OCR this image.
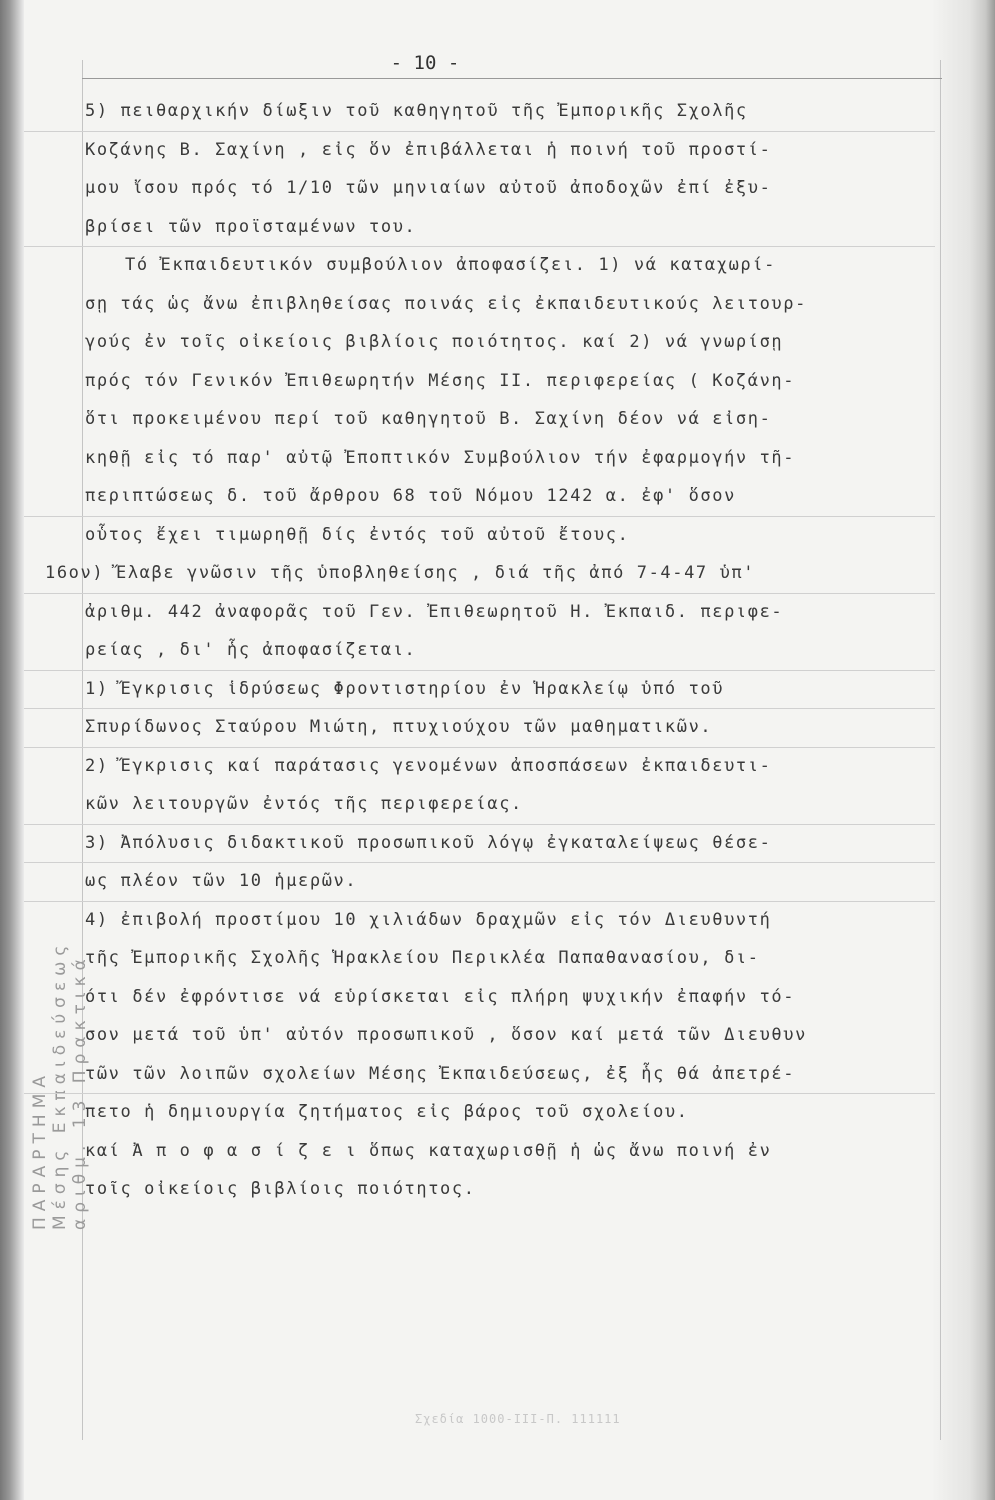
ΠΑΡΑΡΤΗΜΑ Μέσης Εκπαιδεύσεως αριθμ. 13 Πρακτικά
- 10 -
5) πειθαρχικήν δίωξιν τοῦ καθηγητοῦ τῆς Ἐμπορικῆς Σχολῆς
Κοζάνης Β. Σαχίνη , εἰς ὅν ἐπιβάλλεται ἡ ποινή τοῦ προστί-
μου ἴσου πρός τό 1/10 τῶν μηνιαίων αὐτοῦ ἀποδοχῶν ἐπί ἐξυ-
βρίσει τῶν προϊσταμένων του.
Τό Ἐκπαιδευτικόν συμβούλιον ἀποφασίζει. 1) νά καταχωρί-
σῃ τάς ὡς ἄνω ἐπιβληθείσας ποινάς εἰς ἐκπαιδευτικούς λειτουρ-
γούς ἐν τοῖς οἰκείοις βιβλίοις ποιότητος. καί 2) νά γνωρίσῃ
πρός τόν Γενικόν Ἐπιθεωρητήν Μέσης ΙΙ. περιφερείας ( Κοζάνη-
ὅτι προκειμένου περί τοῦ καθηγητοῦ Β. Σαχίνη δέον νά εἰση-
κηθῇ εἰς τό παρ' αὐτῷ Ἐποπτικόν Συμβούλιον τήν ἐφαρμογήν τῆ-
περιπτώσεως δ. τοῦ ἄρθρου 68 τοῦ Νόμου 1242 α. ἐφ' ὅσον
οὗτος ἔχει τιμωρηθῇ δίς ἐντός τοῦ αὐτοῦ ἔτους.
16ον) Ἔλαβε γνῶσιν τῆς ὑποβληθείσης , διά τῆς ἀπό 7-4-47 ὑπ'
ἀριθμ. 442 ἀναφορᾶς τοῦ Γεν. Ἐπιθεωρητοῦ Η. Ἐκπαιδ. περιφε-
ρείας , δι' ἧς ἀποφασίζεται.
1) Ἔγκρισις ἱδρύσεως Φροντιστηρίου ἐν Ἡρακλείῳ ὑπό τοῦ
Σπυρίδωνος Σταύρου Μιώτη, πτυχιούχου τῶν μαθηματικῶν.
2) Ἔγκρισις καί παράτασις γενομένων ἀποσπάσεων ἐκπαιδευτι-
κῶν λειτουργῶν ἐντός τῆς περιφερείας.
3) Ἀπόλυσις διδακτικοῦ προσωπικοῦ λόγῳ ἐγκαταλείψεως θέσε-
ως πλέον τῶν 10 ἡμερῶν.
4) ἐπιβολή προστίμου 10 χιλιάδων δραχμῶν εἰς τόν Διευθυντή
τῆς Ἐμπορικῆς Σχολῆς Ἡρακλείου Περικλέα Παπαθανασίου, δι-
ότι δέν ἐφρόντισε νά εὑρίσκεται εἰς πλήρη ψυχικήν ἐπαφήν τό-
σον μετά τοῦ ὑπ' αὐτόν προσωπικοῦ , ὅσον καί μετά τῶν Διευθυν
τῶν τῶν λοιπῶν σχολείων Μέσης Ἐκπαιδεύσεως, ἐξ ἧς θά ἀπετρέ-
πετο ἡ δημιουργία ζητήματος εἰς βάρος τοῦ σχολείου.
καί Ἀ π ο φ α σ ί ζ ε ι ὅπως καταχωρισθῇ ἡ ὡς ἄνω ποινή ἐν
τοῖς οἰκείοις βιβλίοις ποιότητος.
Σχεδία 1000-ΙΙΙ-Π. 111111
